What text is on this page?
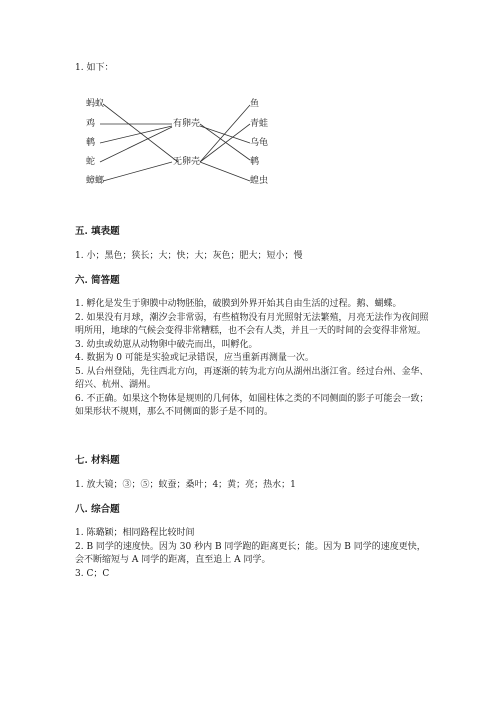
1. 如下：
蚂蚁
鸡
鹌
蛇
蟑螂
有卵壳
无卵壳
鱼
青蛙
乌龟
鹌
蝗虫
五. 填表题
1. 小；黑色；狭长；大；快；大；灰色；肥大；短小；慢
六. 简答题
1. 孵化是发生于卵膜中动物胚胎，破膜到外界开始其自由生活的过程。鹅、蝴蝶。
2. 如果没有月球，潮汐会非常弱，有些植物没有月光照射无法繁殖，月亮无法作为夜间照明所用，地球的气候会变得非常糟糕，也不会有人类，并且一天的时间的会变得非常短。
3. 幼虫或幼崽从动物卵中破壳而出，叫孵化。
4. 数据为 0 可能是实验或记录错误，应当重新再测量一次。
5. 从台州登陆，先往西北方向，再逐渐的转为北方向从湖州出浙江省。经过台州、金华、绍兴、杭州、湖州。
6. 不正确。如果这个物体是规则的几何体，如圆柱体之类的不同侧面的影子可能会一致；如果形状不规则，那么不同侧面的影子是不同的。
七. 材料题
1. 放大镜；③；⑤；蚁蚕；桑叶；4；黄；亮；热水；1
八. 综合题
1. 陈璐颖；相同路程比较时间
2. B 同学的速度快。因为 30 秒内 B 同学跑的距离更长；能。因为 B 同学的速度更快，会不断缩短与 A 同学的距离，直至追上 A 同学。
3. C；C
